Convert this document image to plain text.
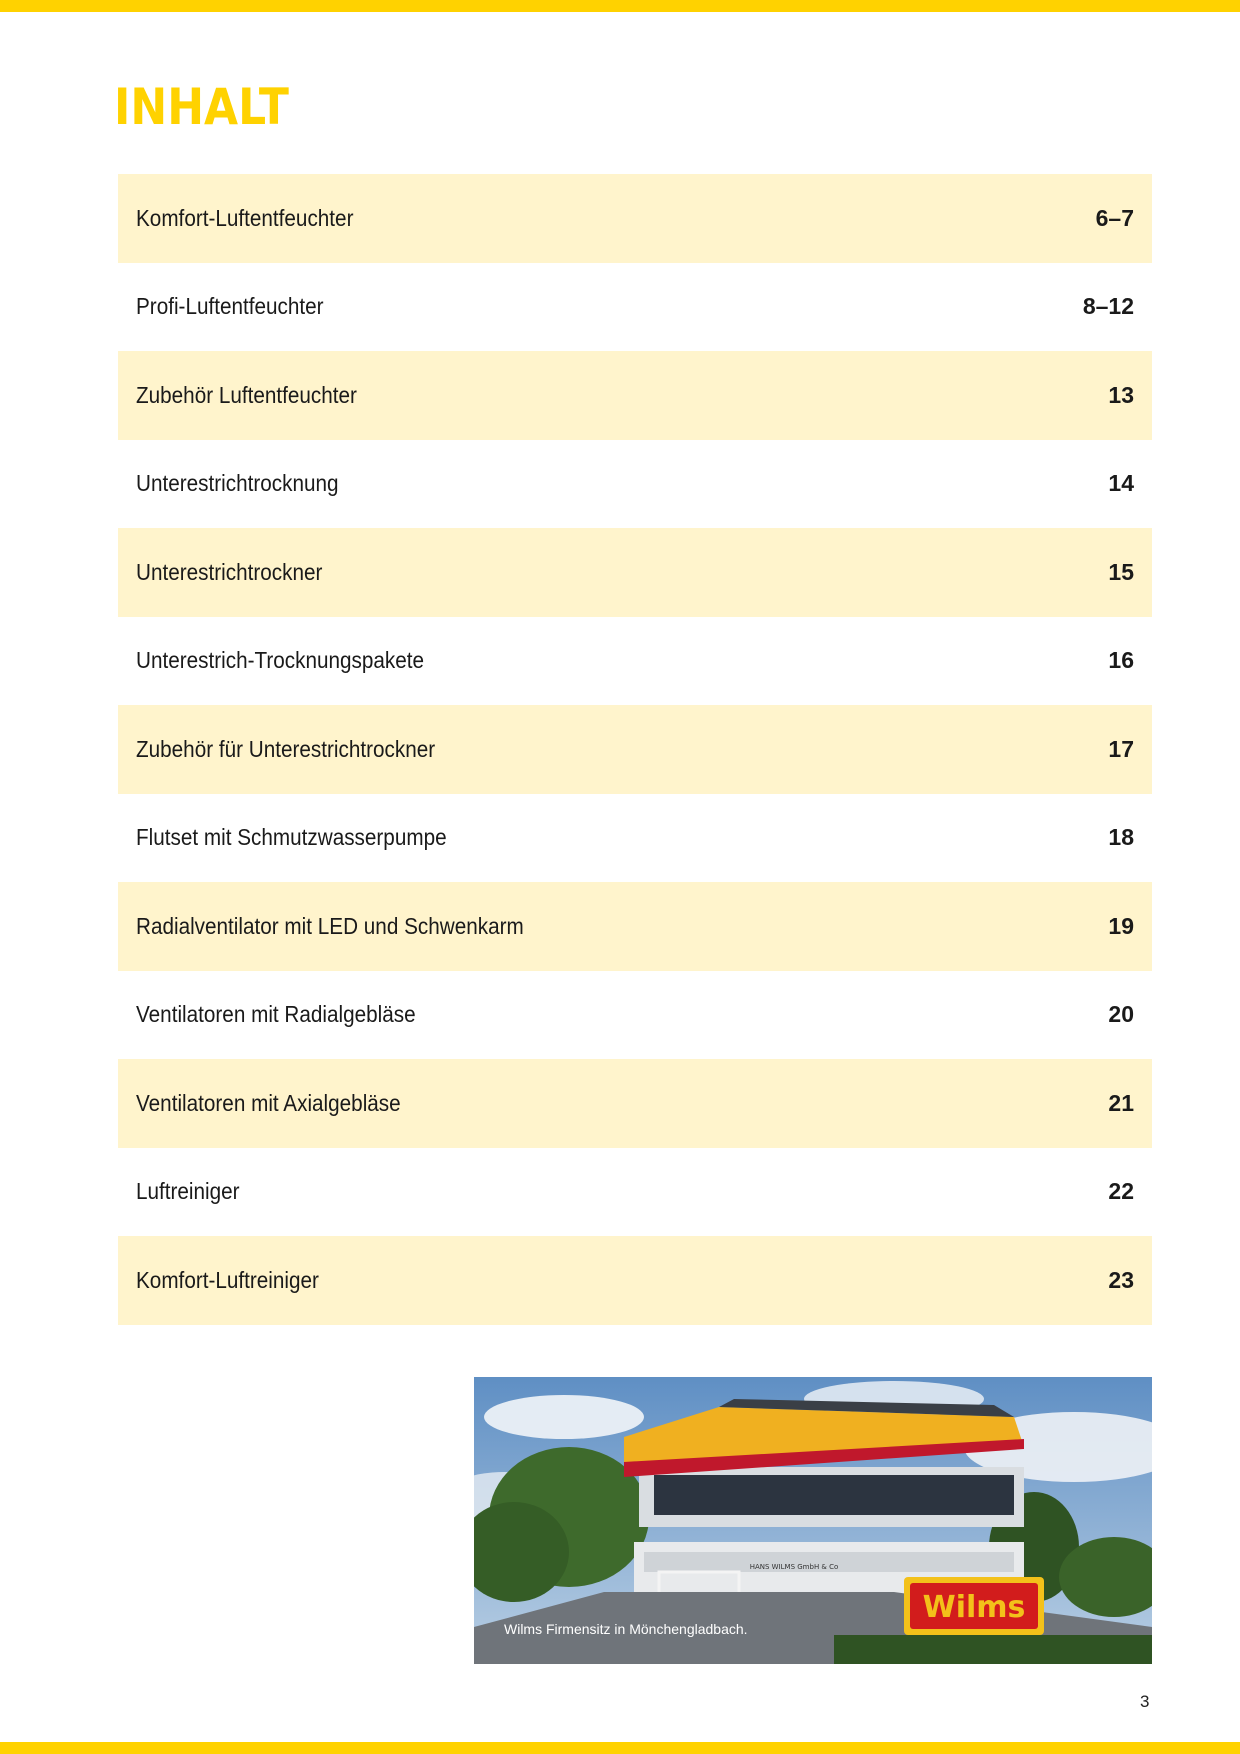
INHALT
Komfort-Luftentfeuchter	6–7
Profi-Luftentfeuchter	8–12
Zubehör Luftentfeuchter	13
Unterestrichtrocknung	14
Unterestrichtrockner	15
Unterestrich-Trocknungspakete	16
Zubehör für Unterestrichtrockner	17
Flutset mit Schmutzwasserpumpe	18
Radialventilator mit LED und Schwenkarm	19
Ventilatoren mit Radialgebläse	20
Ventilatoren mit Axialgebläse	21
Luftreiniger	22
Komfort-Luftreiniger	23
Wilms
HANS WILMS GmbH & Co
Wilms Firmensitz in Mönchengladbach.
3
